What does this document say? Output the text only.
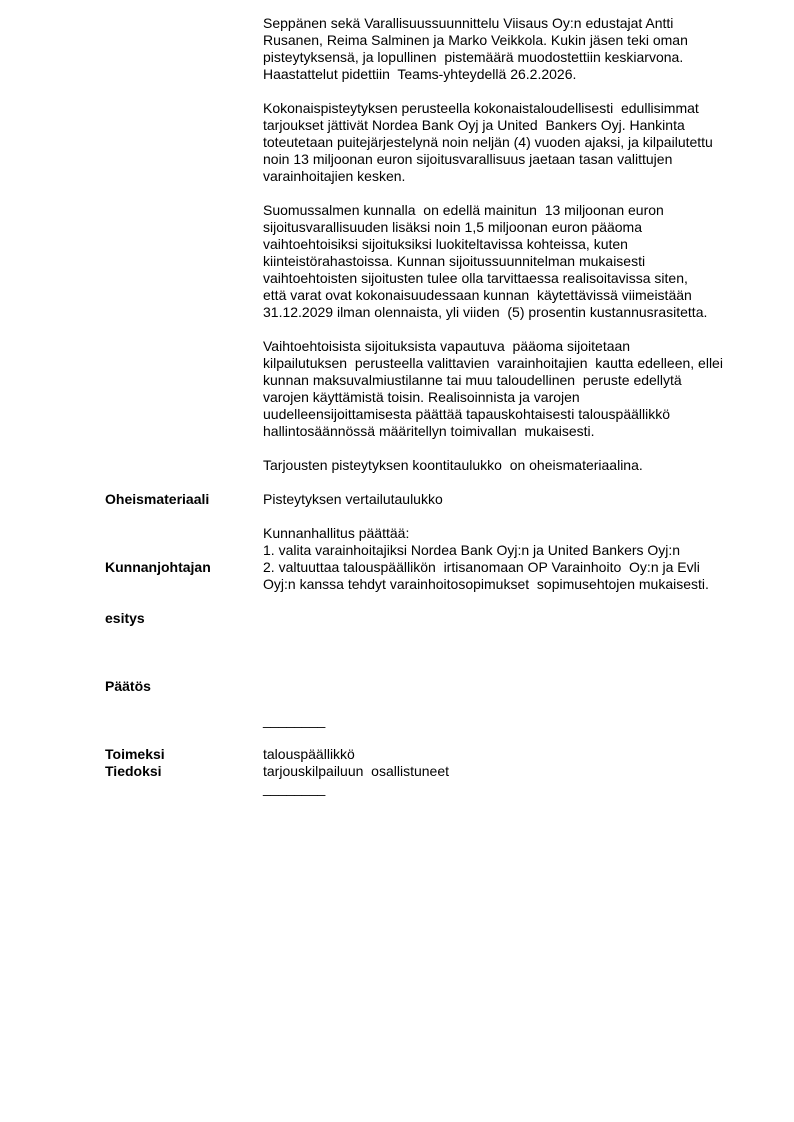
Seppänen sekä Varallisuussuunnittelu Viisaus Oy:n edustajat Antti
Rusanen, Reima Salminen ja Marko Veikkola. Kukin jäsen teki oman
pisteytyksensä, ja lopullinen  pistemäärä muodostettiin keskiarvona.
Haastattelut pidettiin  Teams-yhteydellä 26.2.2026.
Kokonaispisteytyksen perusteella kokonaistaloudellisesti  edullisimmat
tarjoukset jättivät Nordea Bank Oyj ja United  Bankers Oyj. Hankinta
toteutetaan puitejärjestelynä noin neljän (4) vuoden ajaksi, ja kilpailutettu
noin 13 miljoonan euron sijoitusvarallisuus jaetaan tasan valittujen
varainhoitajien kesken.
Suomussalmen kunnalla  on edellä mainitun  13 miljoonan euron
sijoitusvarallisuuden lisäksi noin 1,5 miljoonan euron pääoma
vaihtoehtoisiksi sijoituksiksi luokiteltavissa kohteissa, kuten
kiinteistörahastoissa. Kunnan sijoitussuunnitelman mukaisesti
vaihtoehtoisten sijoitusten tulee olla tarvittaessa realisoitavissa siten,
että varat ovat kokonaisuudessaan kunnan  käytettävissä viimeistään
31.12.2029 ilman olennaista, yli viiden  (5) prosentin kustannusrasitetta.
Vaihtoehtoisista sijoituksista vapautuva  pääoma sijoitetaan
kilpailutuksen  perusteella valittavien  varainhoitajien  kautta edelleen, ellei
kunnan maksuvalmiustilanne tai muu taloudellinen  peruste edellytä
varojen käyttämistä toisin. Realisoinnista ja varojen
uudelleensijoittamisesta päättää tapauskohtaisesti talouspäällikkö
hallintosäännössä määritellyn toimivallan  mukaisesti.
Tarjousten pisteytyksen koontitaulukko  on oheismateriaalina.
Oheismateriaali	Pisteytyksen vertailutaulukko

Kunnanjohtajan

esitys

Kunnanhallitus päättää:
1. valita varainhoitajiksi Nordea Bank Oyj:n ja United Bankers Oyj:n
2. valtuuttaa talouspäällikön  irtisanomaan OP Varainhoito  Oy:n ja Evli
Oyj:n kanssa tehdyt varainhoitosopimukset  sopimusehtojen mukaisesti.
Päätös
________
Toimeksi	talouspäällikkö
Tiedoksi	tarjouskilpailuun  osallistuneet
________
